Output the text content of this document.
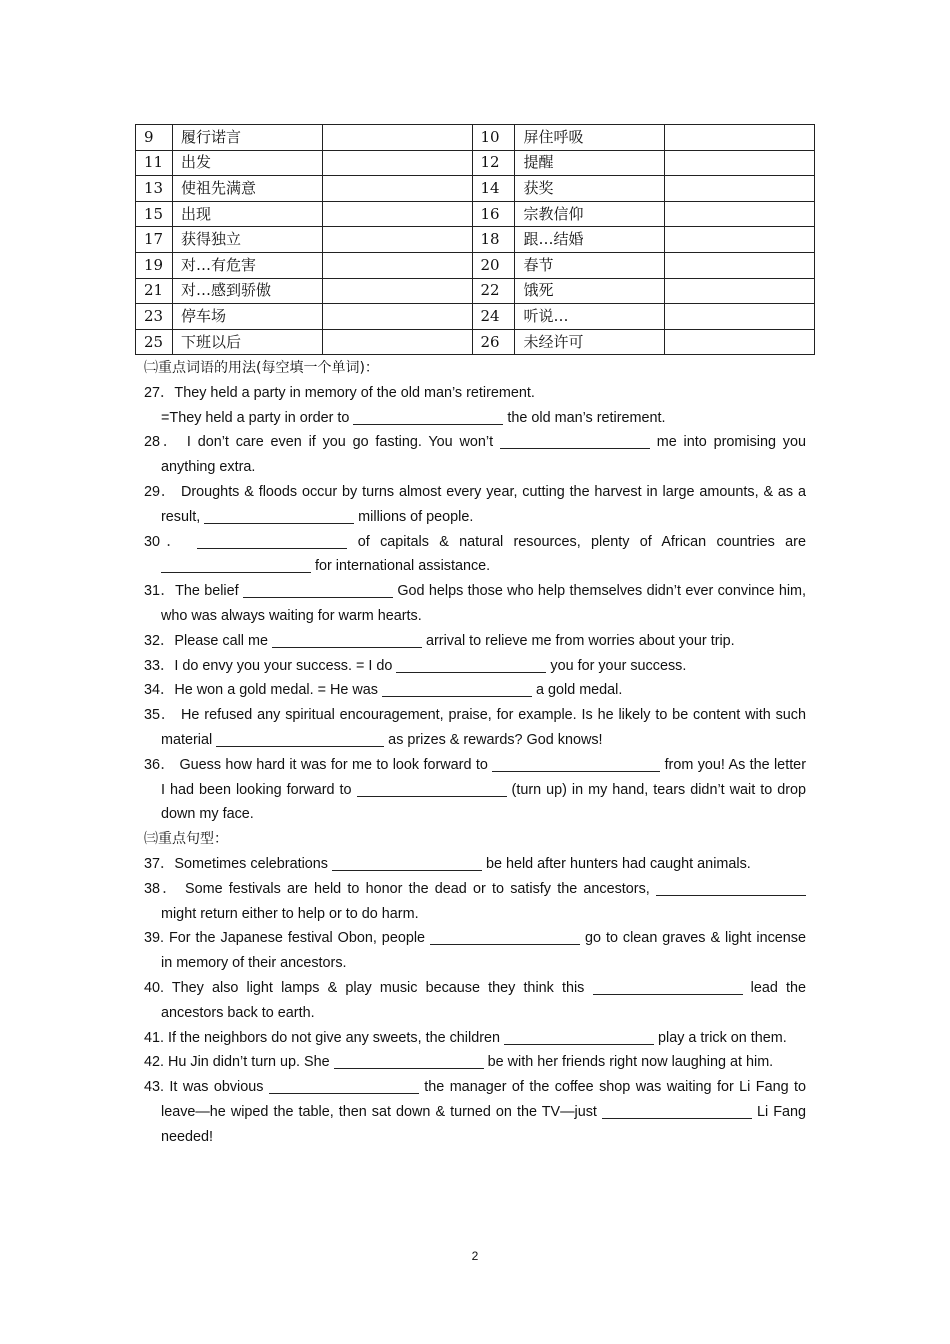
9	履行诺言		10	屏住呼吸	
11	出发		12	提醒	
13	使祖先满意		14	获奖	
15	出现		16	宗教信仰	
17	获得独立		18	跟…结婚	
19	对…有危害		20	春节	
21	对…感到骄傲		22	饿死	
23	停车场		24	听说…	
25	下班以后		26	未经许可	

㈡重点词语的用法(每空填一个单词)：

27．They held a party in memory of the old man’s retirement.

=They held a party in order to	the old man’s retirement.

28． I don’t care even if you go fasting. You won’t	me into promising you anything extra.

29． Droughts & floods occur by turns almost every year, cutting the harvest in large amounts, & as a result,	millions of people.

30．	of capitals & natural resources, plenty of African countries are  for international assistance.

31．The belief	God helps those who help themselves didn’t ever convince him, who was always waiting for warm hearts.

32．Please call me	arrival to relieve me from worries about your trip.

33．I do envy you your success. = I do	you for your success.

34．He won a gold medal. = He was	a gold medal.

35． He refused any spiritual encouragement, praise, for example. Is he likely to be content with such material	as prizes & rewards? God knows!

36． Guess how hard it was for me to look forward to	from you! As the letter I had been looking forward to	(turn up) in my hand, tears didn’t wait to drop down my face.

㈢重点句型：

37．Sometimes celebrations	be held after hunters had caught animals.

38． Some festivals are held to honor the dead or to satisfy the ancestors,  might return either to help or to do harm.

39. For the Japanese festival Obon, people	go to clean graves & light incense in memory of their ancestors.

40. They also light lamps & play music because they think this	lead the ancestors back to earth.

41. If the neighbors do not give any sweets, the children	play a trick on them.

42. Hu Jin didn’t turn up. She	be with her friends right now laughing at him.

43. It was obvious	the manager of the coffee shop was waiting for Li Fang to leave—he wiped the table, then sat down & turned on the TV—just	Li Fang needed!

2
